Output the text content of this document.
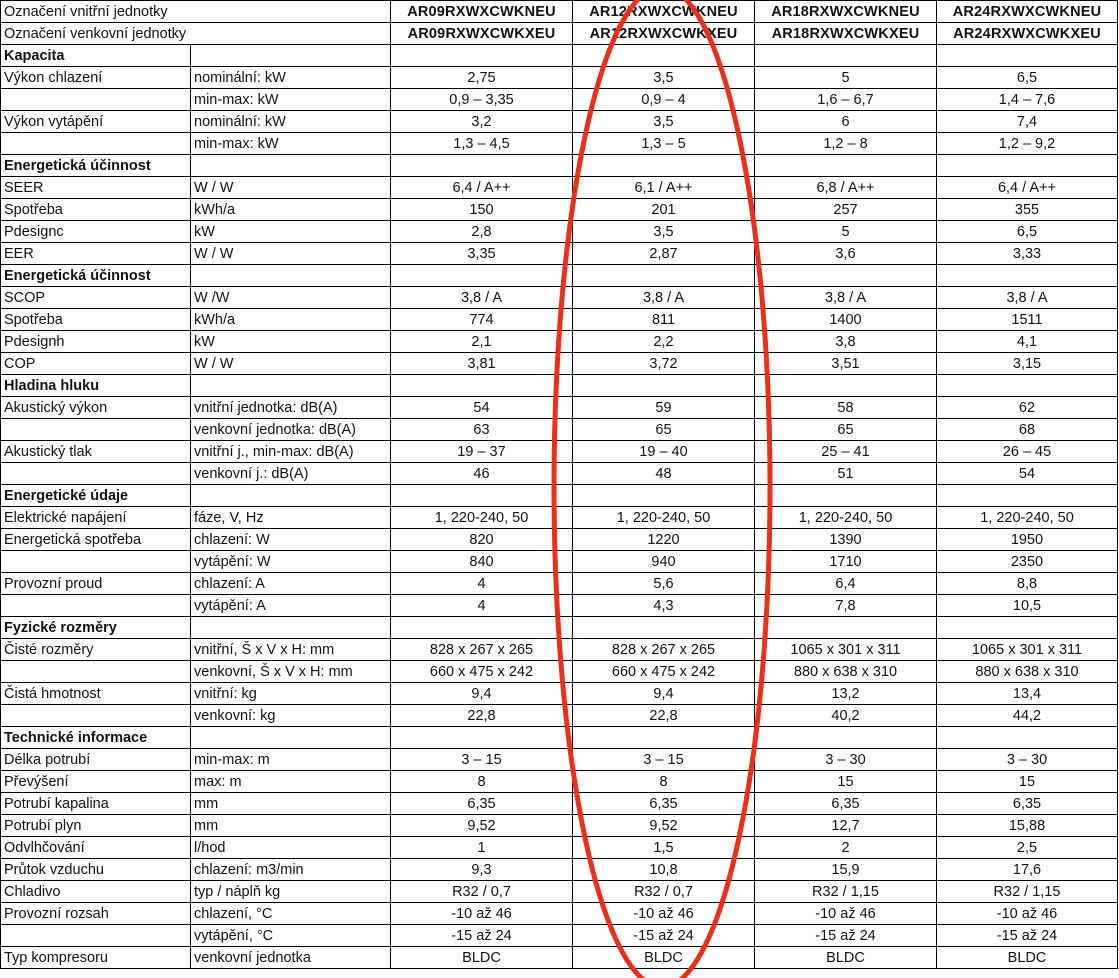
Označení vnitřní jednotky		AR09RXWXCWKNEU	AR12RXWXCWKNEU	AR18RXWXCWKNEU	AR24RXWXCWKNEU
Označení venkovní jednotky		AR09RXWXCWKXEU	AR12RXWXCWKXEU	AR18RXWXCWKXEU	AR24RXWXCWKXEU
Kapacita					
Výkon chlazení	nominální: kW	2,75	3,5	5	6,5
	min-max: kW	0,9 – 3,35	0,9 – 4	1,6 – 6,7	1,4 – 7,6
Výkon vytápění	nominální: kW	3,2	3,5	6	7,4
	min-max: kW	1,3 – 4,5	1,3 – 5	1,2 – 8	1,2 – 9,2
Energetická účinnost					
SEER	W / W	6,4 / A++	6,1 / A++	6,8 / A++	6,4 / A++
Spotřeba	kWh/a	150	201	257	355
Pdesignc	kW	2,8	3,5	5	6,5
EER	W / W	3,35	2,87	3,6	3,33
Energetická účinnost					
SCOP	W /W	3,8 / A	3,8 / A	3,8 / A	3,8 / A
Spotřeba	kWh/a	774	811	1400	1511
Pdesignh	kW	2,1	2,2	3,8	4,1
COP	W / W	3,81	3,72	3,51	3,15
Hladina hluku					
Akustický výkon	vnitřní jednotka: dB(A)	54	59	58	62
	venkovní jednotka: dB(A)	63	65	65	68
Akustický tlak	vnitřní j., min-max: dB(A)	19 – 37	19 – 40	25 – 41	26 – 45
	venkovní j.: dB(A)	46	48	51	54
Energetické údaje					
Elektrické napájení	fáze, V, Hz	1, 220-240, 50	1, 220-240, 50	1, 220-240, 50	1, 220-240, 50
Energetická spotřeba	chlazení: W	820	1220	1390	1950
	vytápění: W	840	940	1710	2350
Provozní proud	chlazení: A	4	5,6	6,4	8,8
	vytápění: A	4	4,3	7,8	10,5
Fyzické rozměry					
Čisté rozměry	vnitřní, Š x V x H: mm	828 x 267 x 265	828 x 267 x 265	1065 x 301 x 311	1065 x 301 x 311
	venkovní, Š x V x H: mm	660 x 475 x 242	660 x 475 x 242	880 x 638 x 310	880 x 638 x 310
Čistá hmotnost	vnitřní: kg	9,4	9,4	13,2	13,4
	venkovní: kg	22,8	22,8	40,2	44,2
Technické informace					
Délka potrubí	min-max: m	3 – 15	3 – 15	3 – 30	3 – 30
Převýšení	max: m	8	8	15	15
Potrubí kapalina	mm	6,35	6,35	6,35	6,35
Potrubí plyn	mm	9,52	9,52	12,7	15,88
Odvlhčování	l/hod	1	1,5	2	2,5
Průtok vzduchu	chlazení: m3/min	9,3	10,8	15,9	17,6
Chladivo	typ / náplň kg	R32 / 0,7	R32 / 0,7	R32 / 1,15	R32 / 1,15
Provozní rozsah	chlazení, °C	-10 až 46	-10 až 46	-10 až 46	-10 až 46
	vytápění, °C	-15 až 24	-15 až 24	-15 až 24	-15 až 24
Typ kompresoru	venkovní jednotka	BLDC	BLDC	BLDC	BLDC
